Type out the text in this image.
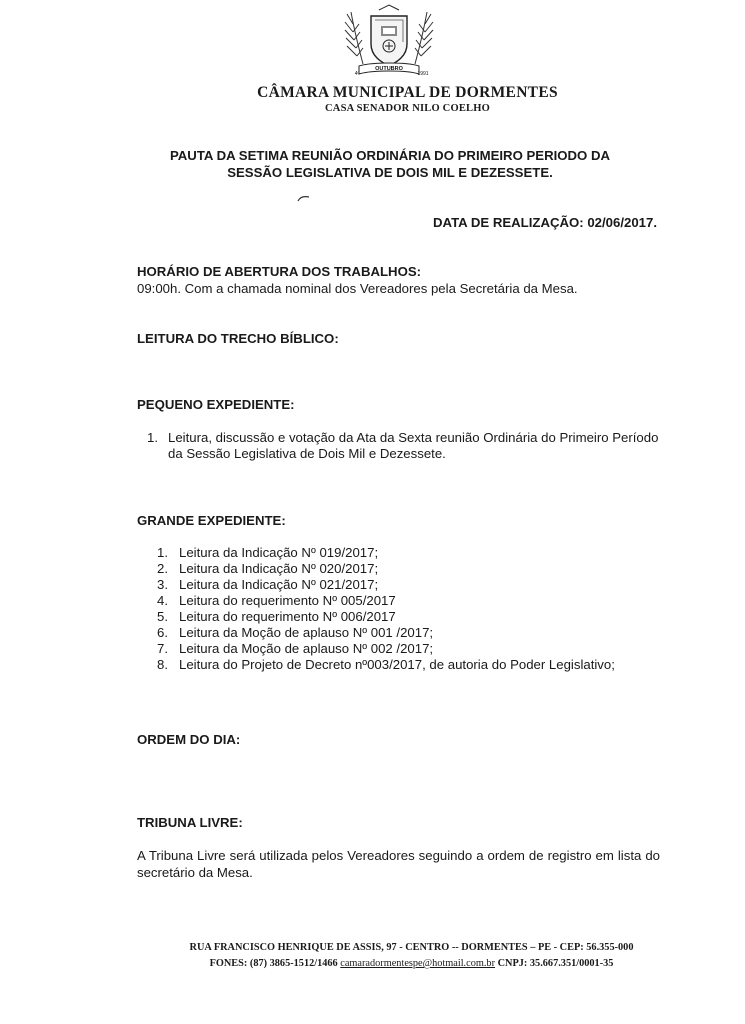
OUTUBRO
4º	1991
CÂMARA MUNICIPAL DE DORMENTES
CASA SENADOR NILO COELHO
PAUTA DA SETIMA REUNIÃO ORDINÁRIA DO PRIMEIRO PERIODO DA
SESSÃO LEGISLATIVA DE DOIS MIL E DEZESSETE.
DATA DE REALIZAÇÃO: 02/06/2017.
HORÁRIO DE ABERTURA DOS TRABALHOS:
09:00h. Com a chamada nominal dos Vereadores pela Secretária da Mesa.
LEITURA DO TRECHO BÍBLICO:
PEQUENO EXPEDIENTE:
1. Leitura, discussão e votação da Ata da Sexta reunião Ordinária do Primeiro Período da Sessão Legislativa de Dois Mil e Dezessete.
GRANDE EXPEDIENTE:
1. Leitura da Indicação Nº 019/2017;
2. Leitura da Indicação Nº 020/2017;
3. Leitura da Indicação Nº 021/2017;
4. Leitura do requerimento Nº 005/2017
5. Leitura do requerimento Nº 006/2017
6. Leitura da Moção de aplauso Nº 001 /2017;
7. Leitura da Moção de aplauso Nº 002 /2017;
8. Leitura do Projeto de Decreto nº003/2017, de autoria do Poder Legislativo;
ORDEM DO DIA:
TRIBUNA LIVRE:
A Tribuna Livre será utilizada pelos Vereadores seguindo a ordem de registro em lista do secretário da Mesa.
RUA FRANCISCO HENRIQUE DE ASSIS, 97 - CENTRO -- DORMENTES – PE - CEP: 56.355-000
FONES: (87) 3865-1512/1466 camaradormentespe@hotmail.com.br CNPJ: 35.667.351/0001-35
